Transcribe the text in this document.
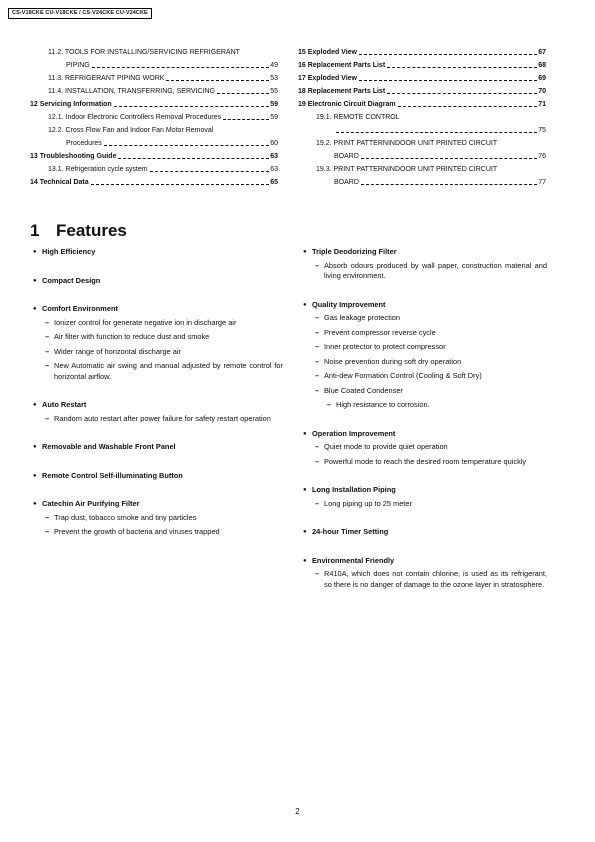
CS-V18CKE CU-V18CKE / CS-V24CKE CU-V24CKE
11.2. TOOLS FOR INSTALLING/SERVICING REFRIGERANT
PIPING	49
11.3. REFRIGERANT PIPING WORK	53
11.4. INSTALLATION, TRANSFERRING, SERVICING	55
12 Servicing Information	59
12.1. Indoor Electronic Controllers Removal Procedures	59
12.2. Cross Flow Fan and Indoor Fan Motor Removal
Procedures	60
13 Troubleshooting Guide	63
13.1. Refrigeration cycle system	63
14 Technical Data	65
15 Exploded View	67
16 Replacement Parts List	68
17 Exploded View	69
18 Replacement Parts List	70
19 Electronic Circuit Diagram	71
19.1. REMOTE CONTROL
75
19.2. PRINT PATTERNINDOOR UNIT PRINTED CIRCUIT
BOARD	76
19.3. PRINT PATTERNINDOOR UNIT PRINTED CIRCUIT
BOARD	77
1 Features
● High Efficiency
● Compact Design
● Comfort Environment
– Ionizer control for generate negative ion in discharge air
– Air filter with function to reduce dust and smoke
– Wider range of horizontal discharge air
– New Automatic air swing and manual adjusted by remote control for horizontal airflow.
● Auto Restart
– Random auto restart after power failure for safety restart operation
● Removable and Washable Front Panel
● Remote Control Self-illuminating Button
● Catechin Air Purifying Filter
– Trap dust, tobacco smoke and tiny particles
– Prevent the growth of bacteria and viruses trapped
● Triple Deodorizing Filter
– Absorb odours produced by wall paper, construction material and living environment.
● Quality Improvement
– Gas leakage protection
– Prevent compressor reverse cycle
– Inner protector to protect compressor
– Noise prevention during soft dry operation
– Anti-dew Formation Control (Cooling & Soft Dry)
– Blue Coated Condenser
– High resistance to corrosion.
● Operation Improvement
– Quiet mode to provide quiet operation
– Powerful mode to reach the desired room temperature quickly
● Long Installation Piping
– Long piping up to 25 meter
● 24-hour Timer Setting
● Environmental Friendly
– R410A, which does not contain chlorine, is used as its refrigerant, so there is no danger of damage to the ozone layer in stratosphere.
2
